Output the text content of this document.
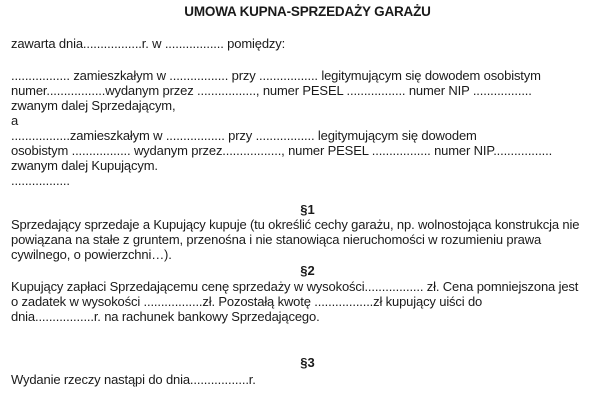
UMOWA KUPNA-SPRZEDAŻY GARAŻU
zawarta dnia.................r. w ................. pomiędzy:
................. zamieszkałym w ................. przy ................. legitymującym się dowodem osobistym
numer.................wydanym przez ................., numer PESEL ................. numer NIP .................
zwanym dalej Sprzedającym,
a
.................zamieszkałym w ................. przy ................. legitymującym się dowodem
osobistym ................. wydanym przez................., numer PESEL ................. numer NIP.................
zwanym dalej Kupującym.
.................
§1
Sprzedający sprzedaje a Kupujący kupuje (tu określić cechy garażu, np. wolnostojąca konstrukcja nie
powiązana na stałe z gruntem, przenośna i nie stanowiąca nieruchomości w rozumieniu prawa
cywilnego, o powierzchni…).
§2
Kupujący zapłaci Sprzedającemu cenę sprzedaży w wysokości................. zł. Cena pomniejszona jest
o zadatek w wysokości .................zł. Pozostałą kwotę .................zł kupujący uiści do
dnia.................r. na rachunek bankowy Sprzedającego.
§3
Wydanie rzeczy nastąpi do dnia.................r.
